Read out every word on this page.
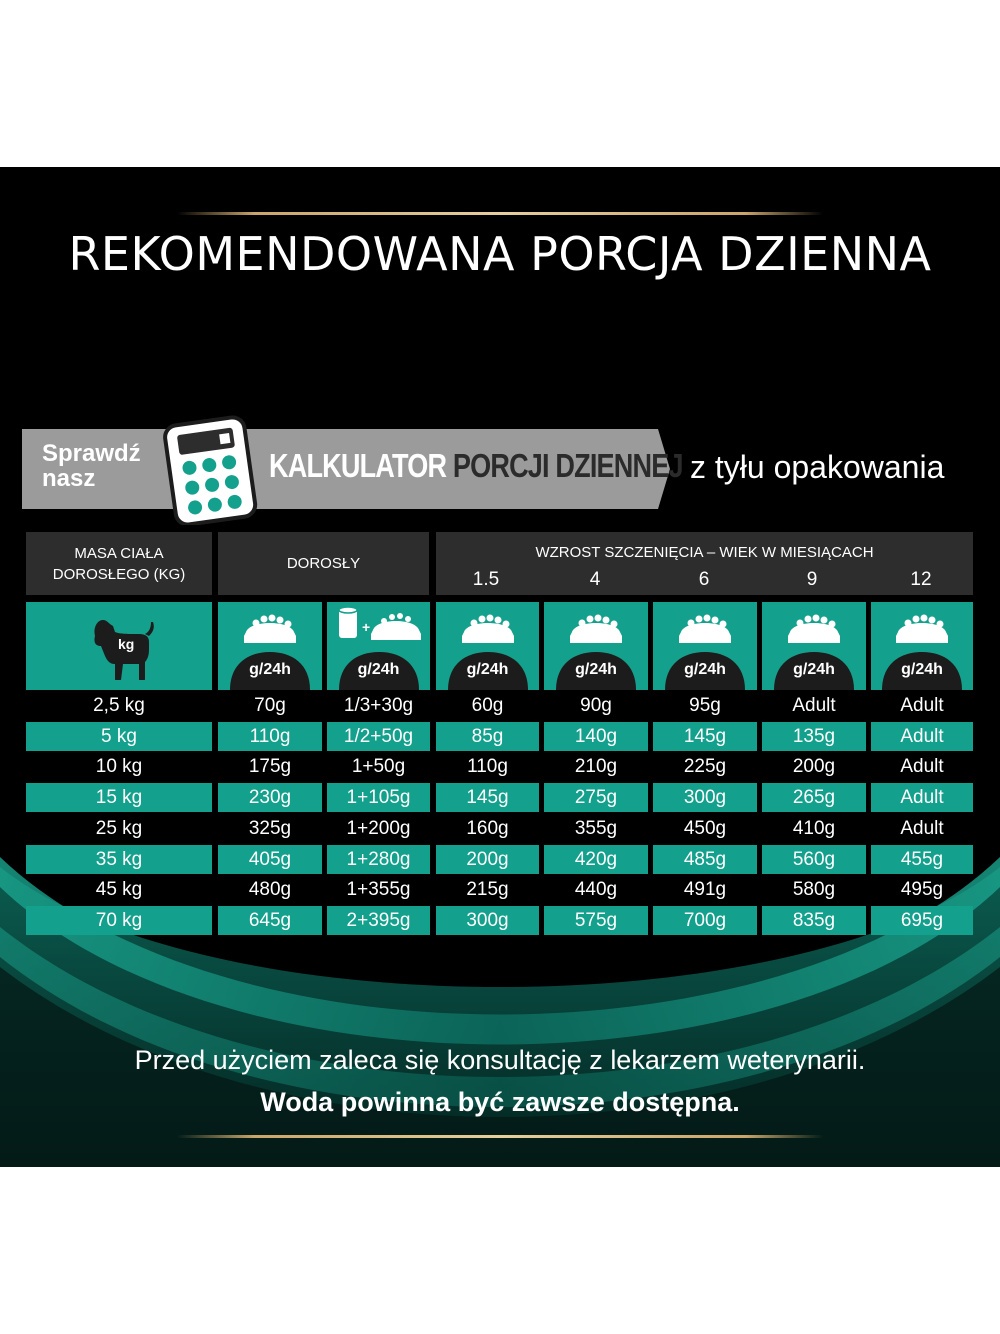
REKOMENDOWANA PORCJA DZIENNA
Sprawdź
nasz	KALKULATOR PORCJI DZIENNEJ z tyłu opakowania
MASA CIAŁA
DOROSŁEGO (KG)
DOROSŁY
WZROST SZCZENIĘCIA – WIEK W MIESIĄCACH
1.5	4	6	9	12
kg
g/24h
+
g/24h	g/24h	g/24h	g/24h	g/24h	g/24h
2,5 kg	70g	1/3+30g	60g	90g	95g	Adult	Adult
5 kg	110g	1/2+50g	85g	140g	145g	135g	Adult
10 kg	175g	1+50g	110g	210g	225g	200g	Adult
15 kg	230g	1+105g	145g	275g	300g	265g	Adult
25 kg	325g	1+200g	160g	355g	450g	410g	Adult
35 kg	405g	1+280g	200g	420g	485g	560g	455g
45 kg	480g	1+355g	215g	440g	491g	580g	495g
70 kg	645g	2+395g	300g	575g	700g	835g	695g
Przed użyciem zaleca się konsultację z lekarzem weterynarii.
Woda powinna być zawsze dostępna.
